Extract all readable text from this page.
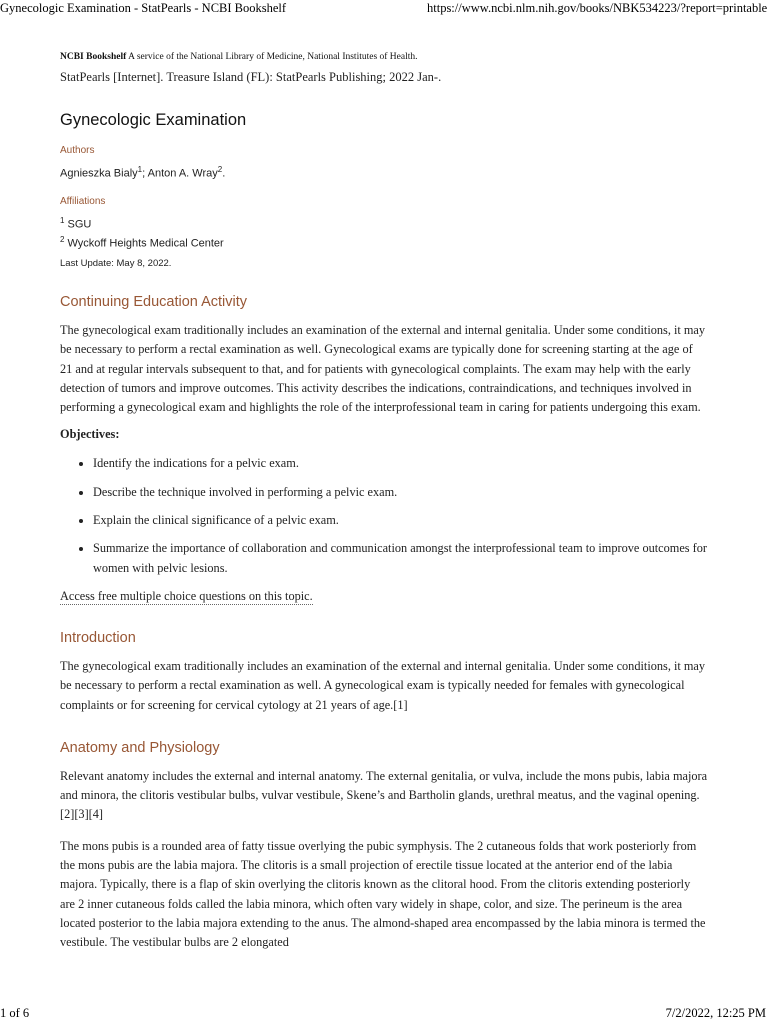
Gynecologic Examination - StatPearls - NCBI Bookshelf	https://www.ncbi.nlm.nih.gov/books/NBK534223/?report=printable

NCBI Bookshelf A service of the National Library of Medicine, National Institutes of Health.

StatPearls [Internet]. Treasure Island (FL): StatPearls Publishing; 2022 Jan-.

Gynecologic Examination

Authors

Agnieszka Bialy$^1$; Anton A. Wray$^2$.

Affiliations

$^1$ SGU
$^2$ Wyckoff Heights Medical Center

Last Update: May 8, 2022.

Continuing Education Activity

The gynecological exam traditionally includes an examination of the external and internal genitalia. Under some conditions, it may be necessary to perform a rectal examination as well. Gynecological exams are typically done for screening starting at the age of 21 and at regular intervals subsequent to that, and for patients with gynecological complaints. The exam may help with the early detection of tumors and improve outcomes. This activity describes the indications, contraindications, and techniques involved in performing a gynecological exam and highlights the role of the interprofessional team in caring for patients undergoing this exam.

Objectives:

• Identify the indications for a pelvic exam.
• Describe the technique involved in performing a pelvic exam.
• Explain the clinical significance of a pelvic exam.
• Summarize the importance of collaboration and communication amongst the interprofessional team to improve outcomes for women with pelvic lesions.
Access free multiple choice questions on this topic.
Introduction

The gynecological exam traditionally includes an examination of the external and internal genitalia. Under some conditions, it may be necessary to perform a rectal examination as well. A gynecological exam is typically needed for females with gynecological complaints or for screening for cervical cytology at 21 years of age.[1]

Anatomy and Physiology

Relevant anatomy includes the external and internal anatomy. The external genitalia, or vulva, include the mons pubis, labia majora and minora, the clitoris vestibular bulbs, vulvar vestibule, Skene’s and Bartholin glands, urethral meatus, and the vaginal opening.[2][3][4]

The mons pubis is a rounded area of fatty tissue overlying the pubic symphysis. The 2 cutaneous folds that work posteriorly from the mons pubis are the labia majora. The clitoris is a small projection of erectile tissue located at the anterior end of the labia majora. Typically, there is a flap of skin overlying the clitoris known as the clitoral hood. From the clitoris extending posteriorly are 2 inner cutaneous folds called the labia minora, which often vary widely in shape, color, and size. The perineum is the area located posterior to the labia majora extending to the anus. The almond-shaped area encompassed by the labia minora is termed the vestibule. The vestibular bulbs are 2 elongated

1 of 6	7/2/2022, 12:25 PM
